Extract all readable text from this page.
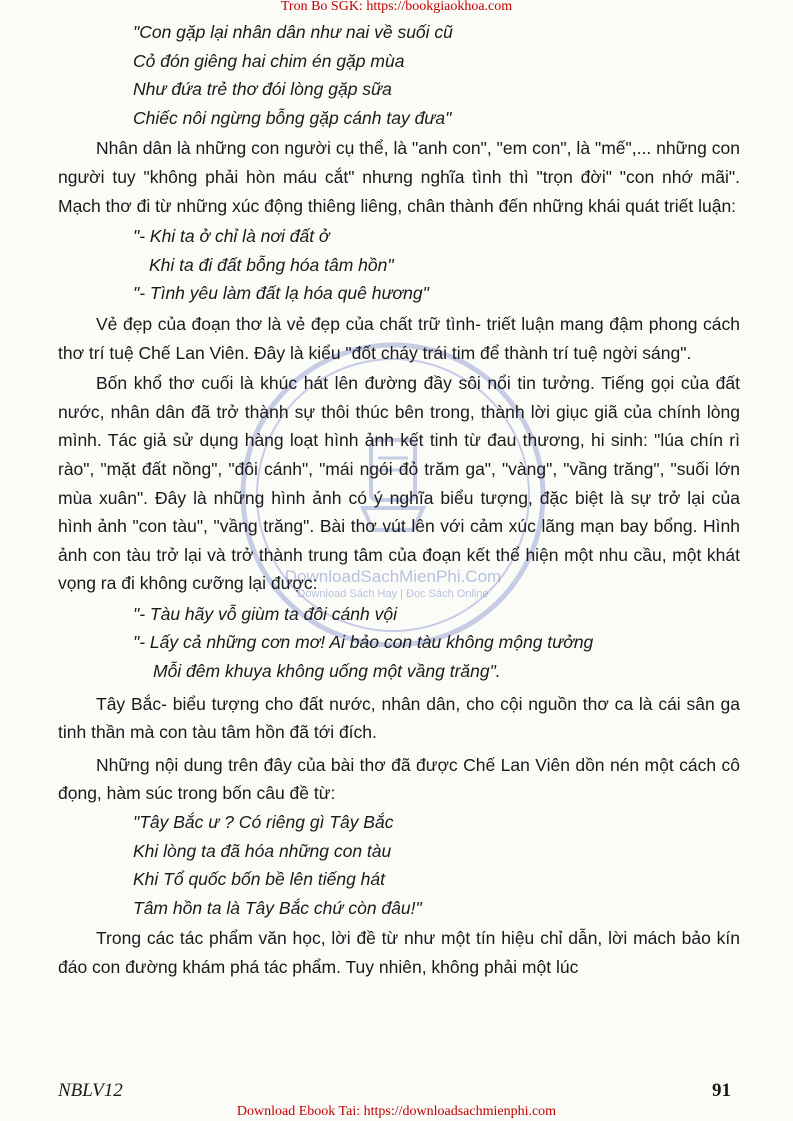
Tron Bo SGK: https://bookgiaokhoa.com
DownloadSachMienPhi.Com
Download Sách Hay | Đọc Sách Online
"Con gặp lại nhân dân như nai về suối cũ
Cỏ đón giêng hai chim én gặp mùa
Như đứa trẻ thơ đói lòng gặp sữa
Chiếc nôi ngừng bỗng gặp cánh tay đưa"
Nhân dân là những con người cụ thể, là "anh con", "em con", là "mế",... những con người tuy "không phải hòn máu cắt" nhưng nghĩa tình thì "trọn đời" "con nhớ mãi". Mạch thơ đi từ những xúc động thiêng liêng, chân thành đến những khái quát triết luận:
"- Khi ta ở chỉ là nơi đất ở
Khi ta đi đất bỗng hóa tâm hồn"
"- Tình yêu làm đất lạ hóa quê hương"
Vẻ đẹp của đoạn thơ là vẻ đẹp của chất trữ tình- triết luận mang đậm phong cách thơ trí tuệ Chế Lan Viên. Đây là kiểu "đốt cháy trái tim để thành trí tuệ ngời sáng".
Bốn khổ thơ cuối là khúc hát lên đường đầy sôi nổi tin tưởng. Tiếng gọi của đất nước, nhân dân đã trở thành sự thôi thúc bên trong, thành lời giục giã của chính lòng mình. Tác giả sử dụng hàng loạt hình ảnh kết tinh từ đau thương, hi sinh: "lúa chín rì rào", "mặt đất nồng", "đôi cánh", "mái ngói đỏ trăm ga", "vàng", "vầng trăng", "suối lớn mùa xuân". Đây là những hình ảnh có ý nghĩa biểu tượng, đặc biệt là sự trở lại của hình ảnh "con tàu", "vầng trăng". Bài thơ vút lên với cảm xúc lãng mạn bay bổng. Hình ảnh con tàu trở lại và trở thành trung tâm của đoạn kết thể hiện một nhu cầu, một khát vọng ra đi không cưỡng lại được:
"- Tàu hãy vỗ giùm ta đôi cánh vội
"- Lấy cả những cơn mơ! Ai bảo con tàu không mộng tưởng
Mỗi đêm khuya không uống một vầng trăng".
Tây Bắc- biểu tượng cho đất nước, nhân dân, cho cội nguồn thơ ca là cái sân ga tinh thần mà con tàu tâm hồn đã tới đích.
Những nội dung trên đây của bài thơ đã được Chế Lan Viên dồn nén một cách cô đọng, hàm súc trong bốn câu đề từ:
"Tây Bắc ư ? Có riêng gì Tây Bắc
Khi lòng ta đã hóa những con tàu
Khi Tổ quốc bốn bề lên tiếng hát
Tâm hồn ta là Tây Bắc chứ còn đâu!"
Trong các tác phẩm văn học, lời đề từ như một tín hiệu chỉ dẫn, lời mách bảo kín đáo con đường khám phá tác phẩm. Tuy nhiên, không phải một lúc
NBLV12	91
Download Ebook Tai: https://downloadsachmienphi.com
